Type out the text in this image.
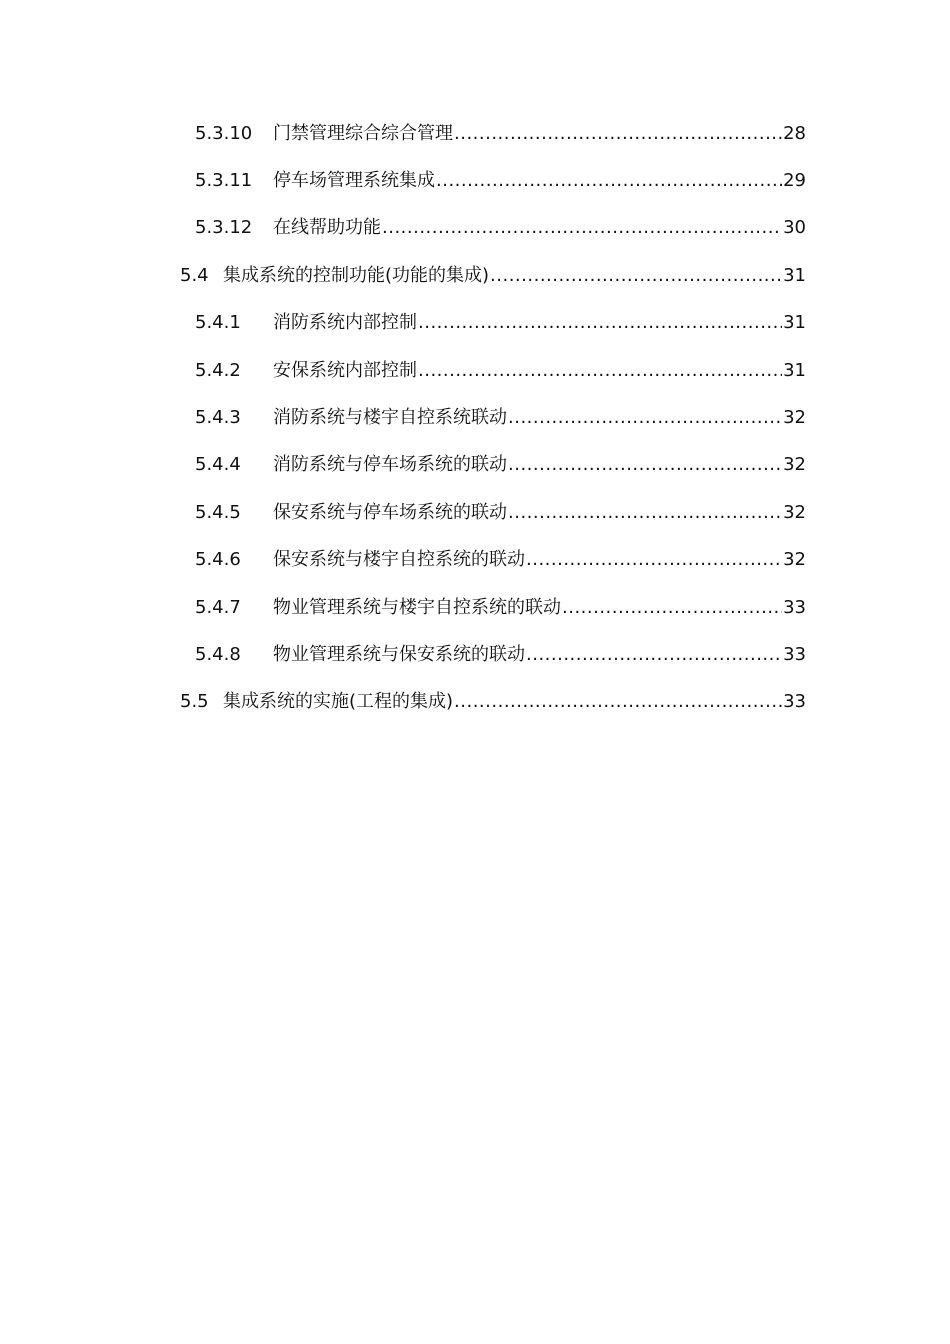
5.3.10	门禁管理综合综合管理 .....	28
5.3.11	停车场管理系统集成 .....	29
5.3.12	在线帮助功能 .....	30
5.4 集成系统的控制功能(功能的集成) .....	31
5.4.1	消防系统内部控制 .....	31
5.4.2	安保系统内部控制 .....	31
5.4.3	消防系统与楼宇自控系统联动 .....	32
5.4.4	消防系统与停车场系统的联动 .....	32
5.4.5	保安系统与停车场系统的联动 .....	32
5.4.6	保安系统与楼宇自控系统的联动 .....	32
5.4.7	物业管理系统与楼宇自控系统的联动 .....	33
5.4.8	物业管理系统与保安系统的联动 .....	33
5.5 集成系统的实施(工程的集成) .....	33
